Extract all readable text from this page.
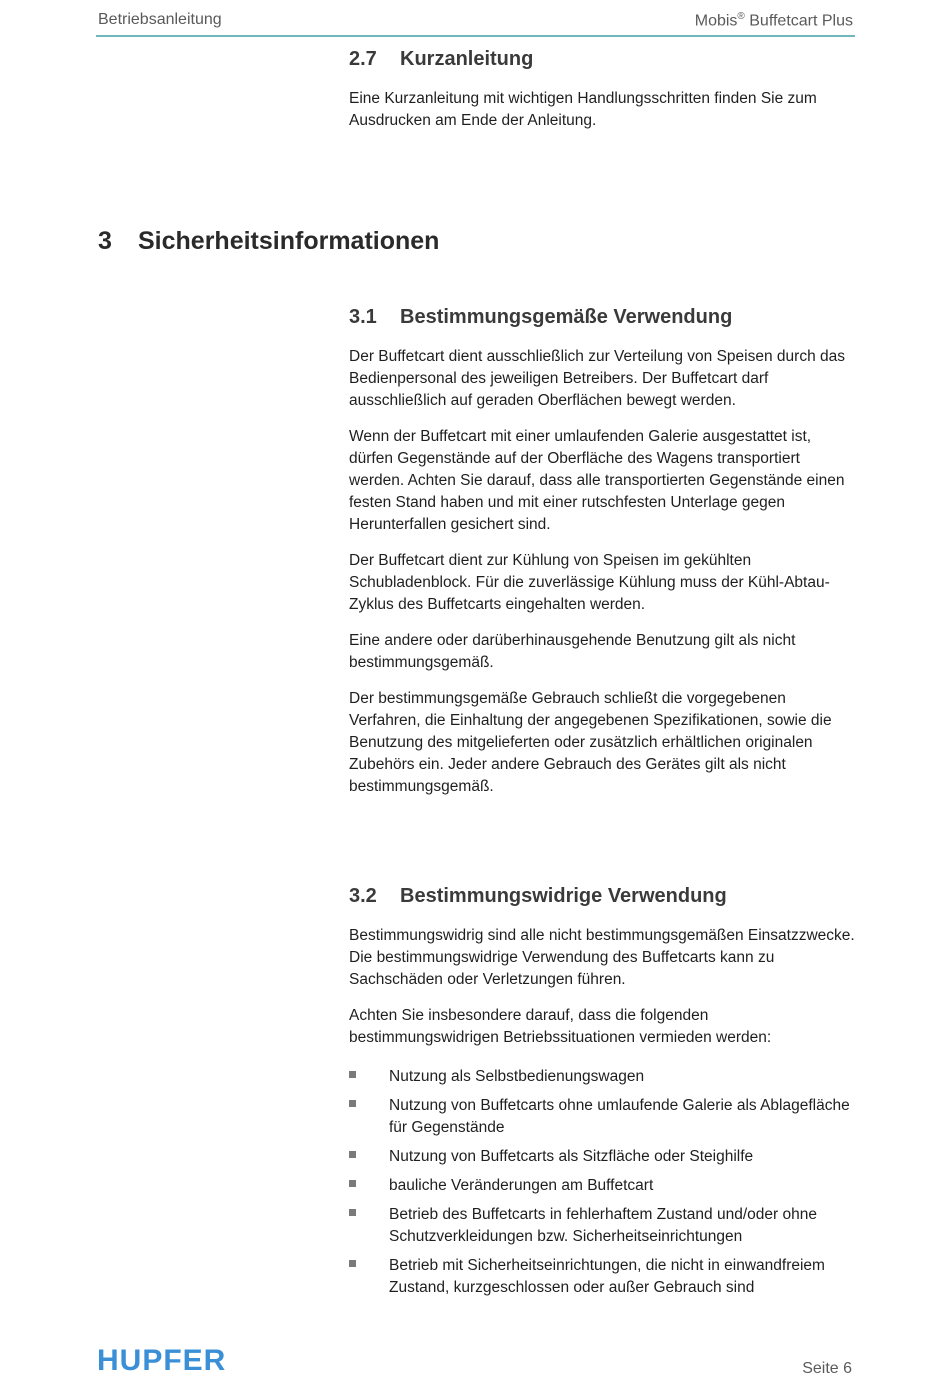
Betriebsanleitung	Mobis® Buffetcart Plus
2.7 Kurzanleitung

Eine Kurzanleitung mit wichtigen Handlungsschritten finden Sie zum Ausdrucken am Ende der Anleitung.

3 Sicherheitsinformationen
3.1 Bestimmungsgemäße Verwendung

Der Buffetcart dient ausschließlich zur Verteilung von Speisen durch das Bedienpersonal des jeweiligen Betreibers. Der Buffetcart darf ausschließlich auf geraden Oberflächen bewegt werden.

Wenn der Buffetcart mit einer umlaufenden Galerie ausgestattet ist, dürfen Gegenstände auf der Oberfläche des Wagens transportiert werden. Achten Sie darauf, dass alle transportierten Gegenstände einen festen Stand haben und mit einer rutschfesten Unterlage gegen Herunterfallen gesichert sind.

Der Buffetcart dient zur Kühlung von Speisen im gekühlten Schubladenblock. Für die zuverlässige Kühlung muss der Kühl-Abtau-Zyklus des Buffetcarts eingehalten werden.

Eine andere oder darüberhinausgehende Benutzung gilt als nicht bestimmungsgemäß.

Der bestimmungsgemäße Gebrauch schließt die vorgegebenen Verfahren, die Einhaltung der angegebenen Spezifikationen, sowie die Benutzung des mitgelieferten oder zusätzlich erhältlichen originalen Zubehörs ein. Jeder andere Gebrauch des Gerätes gilt als nicht bestimmungsgemäß.

3.2 Bestimmungswidrige Verwendung

Bestimmungswidrig sind alle nicht bestimmungsgemäßen Einsatzzwecke. Die bestimmungswidrige Verwendung des Buffetcarts kann zu Sachschäden oder Verletzungen führen.

Achten Sie insbesondere darauf, dass die folgenden bestimmungswidrigen Betriebssituationen vermieden werden:

Nutzung als Selbstbedienungswagen
Nutzung von Buffetcarts ohne umlaufende Galerie als Ablagefläche für Gegenstände
Nutzung von Buffetcarts als Sitzfläche oder Steighilfe
bauliche Veränderungen am Buffetcart
Betrieb des Buffetcarts in fehlerhaftem Zustand und/oder ohne Schutzverkleidungen bzw. Sicherheitseinrichtungen
Betrieb mit Sicherheitseinrichtungen, die nicht in einwandfreiem Zustand, kurzgeschlossen oder außer Gebrauch sind
HUPFER	Seite 6
